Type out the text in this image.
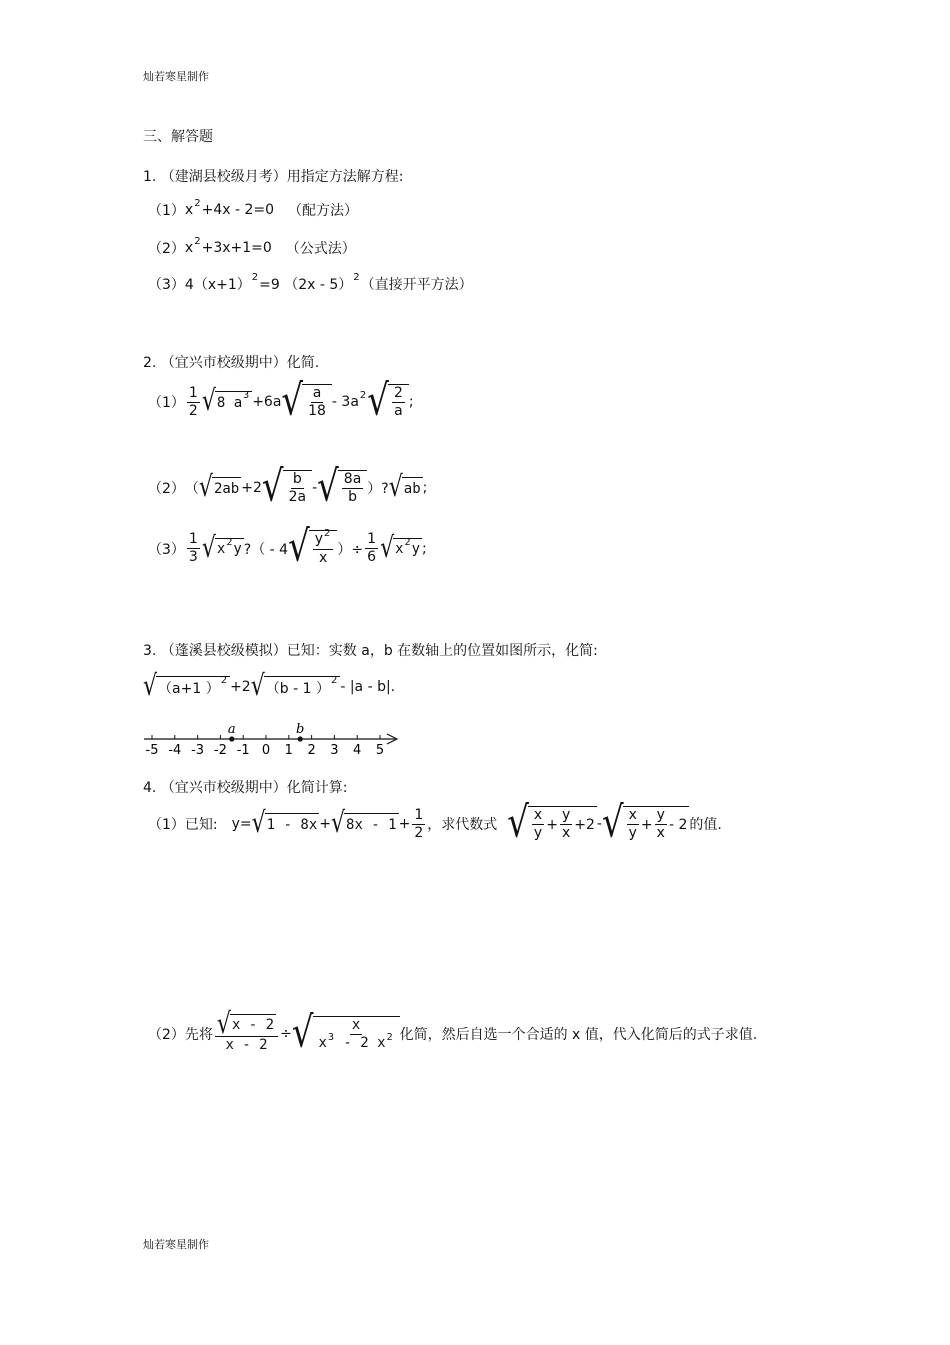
灿若寒星制作
三、解答题
1. （建湖县校级月考）用指定方法解方程:
（1） x 2 +4x - 2=0 （配方法）
（2） x 2 +3x+1=0 （公式法）
（3） 4（x+1） 2 =9 （2x - 5） 2 （直接开平方法）
2. （宜兴市校级期中）化简.
$(1) \frac{1}{2}$ √ 8 a 3 +6a √ $\frac{a}{18} - 3a$ 2 √ $\frac{2}{a}$ ;
（2） （ √ 2ab +2 √ $\frac{b}{2a}$ - √ $\frac{8a}{b}$ ）? √ ab ;
$(3) \frac{1}{3}$ √ x 2 y ?（ - 4 √ $\frac{y^2}{x}$ ）÷ $\frac{1}{6}$ √ x 2 y ;
3. （蓬溪县校级模拟）已知：实数 a，b 在数轴上的位置如图所示，化简:
√ （a+1 ） 2 +2 √ （b - 1 ） 2 - |a - b|.
-5 -4 -3 -2 -1 0 1 2 3 4 5
a	b
4. （宜兴市校级期中）化简计算:
（1）已知: y= √ 1 - 8x + √ $8x - 1 + \frac{1}{2}$ ，求代数式 √ $\frac{x}{y} + \frac{y}{x} +2$ - √ $\frac{x}{y} + \frac{y}{x} - 2$ 的值.
（2）先将 $\frac{√ x - 2}{x - 2}$ ÷ √ $\frac{x}{x^3 - 2 x^2}$ 化简，然后自选一个合适的 x 值，代入化简后的式子求值.
灿若寒星制作
